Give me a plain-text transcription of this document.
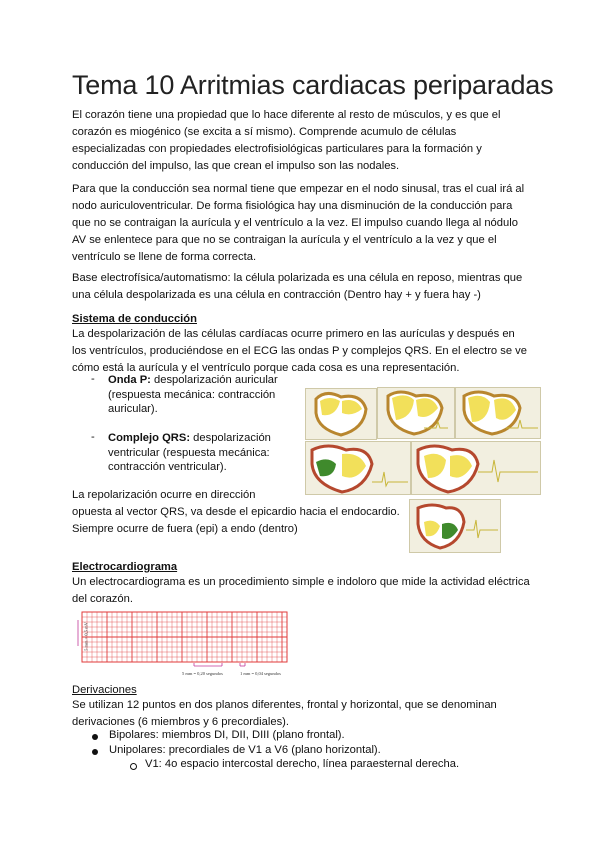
Tema 10 Arritmias cardiacas periparadas
El corazón tiene una propiedad que lo hace diferente al resto de músculos, y es que el
corazón es miogénico (se excita a sí mismo). Comprende acumulo de células
especializadas con propiedades electrofisiológicas particulares para la formación y
conducción del impulso, las que crean el impulso son las nodales.
Para que la conducción sea normal tiene que empezar en el nodo sinusal, tras el cual irá al
nodo auriculoventricular. De forma fisiológica hay una disminución de la conducción para
que no se contraigan la aurícula y el ventrículo a la vez. El impulso cuando llega al nódulo
AV se enlentece para que no se contraigan la aurícula y el ventrículo a la vez y que el
ventrículo se llene de forma correcta.
Base electrofísica/automatismo: la célula polarizada es una célula en reposo, mientras que
una célula despolarizada es una célula en contracción (Dentro hay + y fuera hay -)
Sistema de conducción
La despolarización de las células cardíacas ocurre primero en las aurículas y después en
los ventrículos, produciéndose en el ECG las ondas P y complejos QRS. En el electro se ve
cómo está la aurícula y el ventrículo porque cada cosa es una representación.
- Onda P: despolarización auricular
(respuesta mecánica: contracción
auricular).
- Complejo QRS: despolarización
ventricular (respuesta mecánica:
contracción ventricular).
La repolarización ocurre en dirección
opuesta al vector QRS, va desde el epicardio hacia el endocardio.
Siempre ocurre de fuera (epi) a endo (dentro)
Electrocardiograma
Un electrocardiograma es un procedimiento simple e indoloro que mide la actividad eléctrica
del corazón.
5 mm = 0,5 mV
5 mm = 0,20 segundos	1 mm = 0,04 segundos
Derivaciones
Se utilizan 12 puntos en dos planos diferentes, frontal y horizontal, que se denominan
derivaciones (6 miembros y 6 precordiales).
Bipolares: miembros DI, DII, DIII (plano frontal).
Unipolares: precordiales de V1 a V6 (plano horizontal).
V1: 4o espacio intercostal derecho, línea paraesternal derecha.
